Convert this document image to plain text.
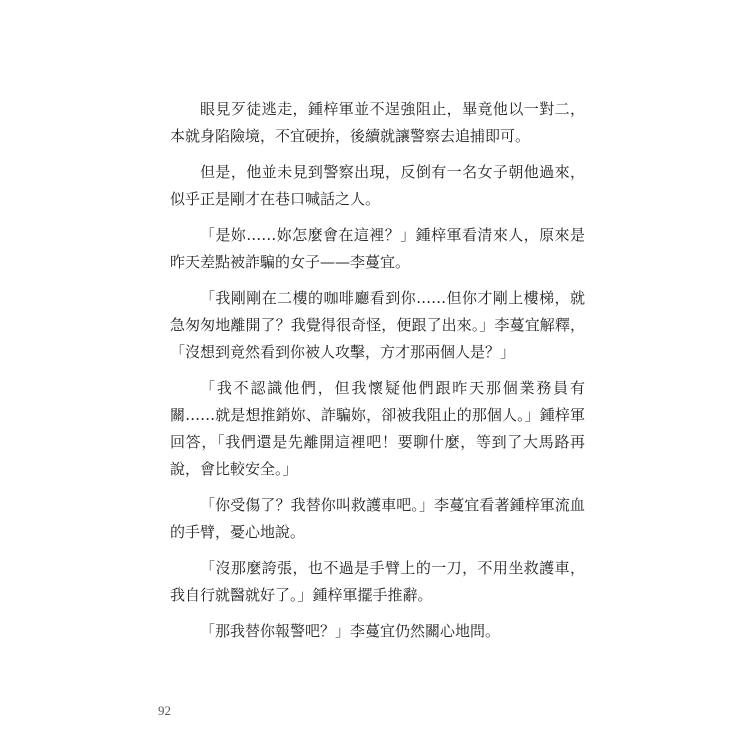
眼見歹徒逃走，鍾梓軍並不逞強阻止，畢竟他以一對二，本就身陷險境，不宜硬拚，後續就讓警察去追捕即可。

但是，他並未見到警察出現，反倒有一名女子朝他過來，似乎正是剛才在巷口喊話之人。

「是妳……妳怎麼會在這裡？」鍾梓軍看清來人，原來是昨天差點被詐騙的女子——李蔓宜。

「我剛剛在二樓的咖啡廳看到你……但你才剛上樓梯，就急匆匆地離開了？我覺得很奇怪，便跟了出來。」李蔓宜解釋，「沒想到竟然看到你被人攻擊，方才那兩個人是？」

「我不認識他們，但我懷疑他們跟昨天那個業務員有關……就是想推銷妳、詐騙妳，卻被我阻止的那個人。」鍾梓軍回答，「我們還是先離開這裡吧！要聊什麼，等到了大馬路再說，會比較安全。」

「你受傷了？我替你叫救護車吧。」李蔓宜看著鍾梓軍流血的手臂，憂心地說。

「沒那麼誇張，也不過是手臂上的一刀，不用坐救護車，我自行就醫就好了。」鍾梓軍擺手推辭。

「那我替你報警吧？」李蔓宜仍然關心地問。

92
